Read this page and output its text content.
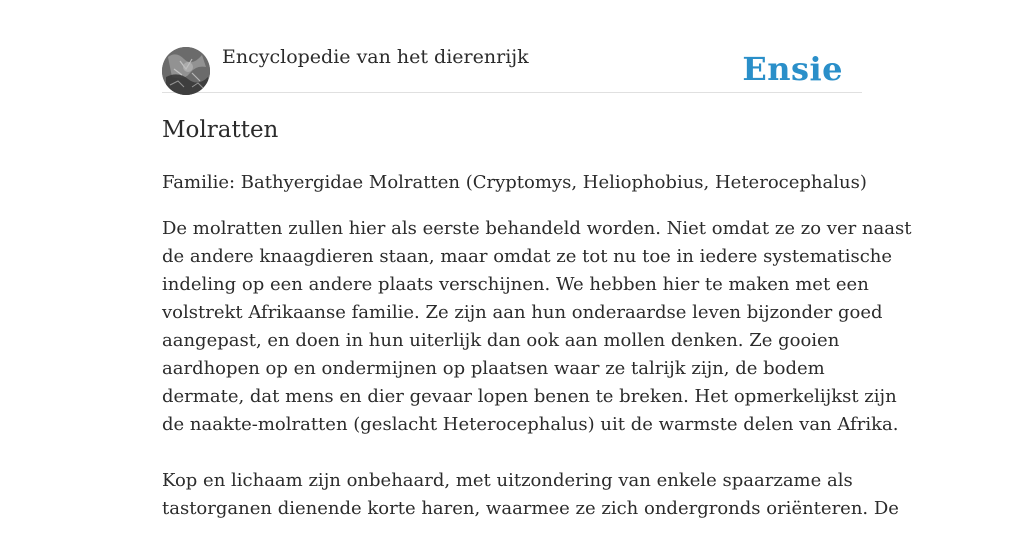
Encyclopedie van het dierenrijk	Ensie
Molratten

Familie: Bathyergidae Molratten (Cryptomys, Heliophobius, Heterocephalus)

De molratten zullen hier als eerste behandeld worden. Niet omdat ze zo ver naast
de andere knaagdieren staan, maar omdat ze tot nu toe in iedere systematische
indeling op een andere plaats verschijnen. We hebben hier te maken met een
volstrekt Afrikaanse familie. Ze zijn aan hun onderaardse leven bijzonder goed
aangepast, en doen in hun uiterlijk dan ook aan mollen denken. Ze gooien
aardhopen op en ondermijnen op plaatsen waar ze talrijk zijn, de bodem
dermate, dat mens en dier gevaar lopen benen te breken. Het opmerkelijkst zijn
de naakte-molratten (geslacht Heterocephalus) uit de warmste delen van Afrika.

Kop en lichaam zijn onbehaard, met uitzondering van enkele spaarzame als
tastorganen dienende korte haren, waarmee ze zich ondergronds oriënteren. De
